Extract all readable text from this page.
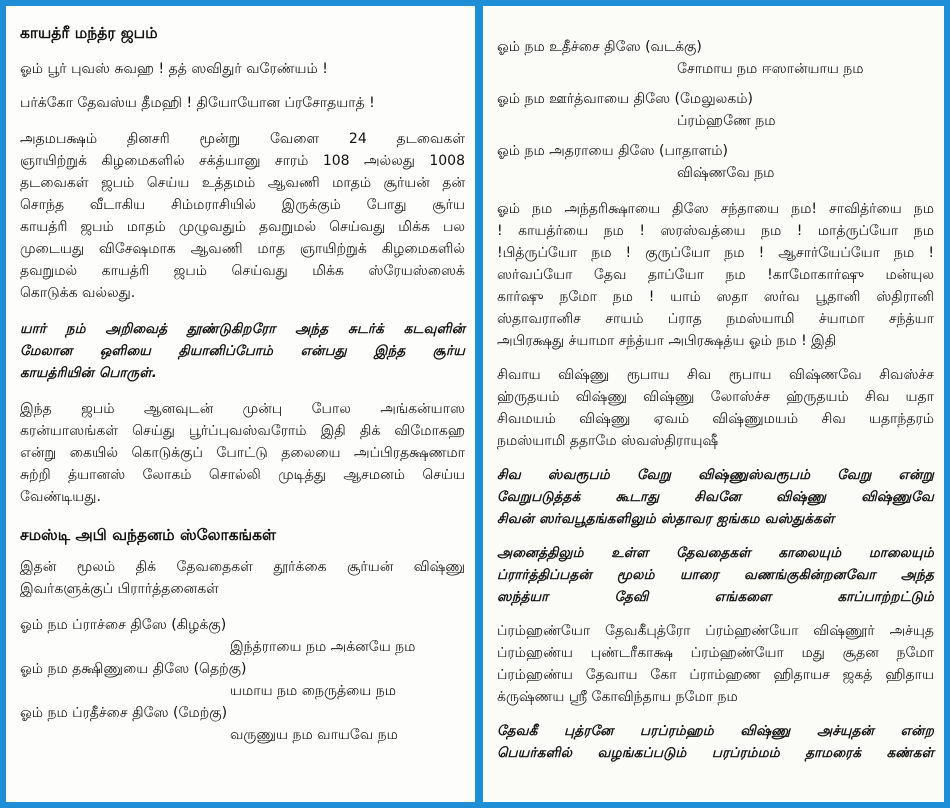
காயத்ரீ மந்த்ர ஜபம்

ஓம் பூர் புவஸ் சுவஹ ! தத் ஸவிதுர் வரேண்யம் !

பர்க்கோ தேவஸ்ய தீமஹி ! தியோயோன ப்ரசோதயாத் !

அதமபக்ஷம் தினசரி மூன்று வேளை 24 தடவைகள்

ஞாயிற்றுக் கிழமைகளில் சக்த்யானு சாரம் 108 அல்லது 1008

தடவைகள் ஜபம் செய்ய உத்தமம் ஆவணி மாதம் சூர்யன் தன்

சொந்த வீடாகிய சிம்மராசியில் இருக்கும் போது சூர்ய

காயத்ரி ஜபம் மாதம் முழுவதும் தவறுமல் செய்வது மிக்க பல

முடையது விசேஷமாக ஆவணி மாத ஞாயிற்றுக் கிழமைகளில்

தவறுமல் காயத்ரி ஜபம் செய்வது மிக்க ஸ்ரேயஸ்ஸைக்

கொடுக்க வல்லது.

யார் நம் அறிவைத் தூண்டுகிறரோ அந்த சுடர்க் கடவுளின்

மேலான ஒளியை தியானிப்போம் என்பது இந்த சூர்ய

காயத்ரியின் பொருள்.

இந்த ஜபம் ஆனவுடன் முன்பு போல அங்கன்யாஸ

கரன்யாஸங்கள் செய்து பூர்ப்புவஸ்வரோம் இதி திக் விமோகஹ

என்று கையில் கொடுக்குப் போட்டு தலையை அப்பிரதக்ஷணமா

சுற்றி த்யானஸ் லோகம் சொல்லி முடித்து ஆசமனம் செய்ய

வேண்டியது.

சமஸ்டி அபி வந்தனம் ஸ்லோகங்கள்

இதன் மூலம் திக் தேவதைகள் தூர்க்கை சூர்யன் விஷ்ணு

இவர்களுக்குப் பிரார்த்தனைகள்

ஓம் நம ப்ராச்சை திஸே (கிழக்கு)

இந்த்ராயை நம அக்னயே நம

ஓம் நம தக்ஷிணுயை திஸே (தெற்கு)

யமாய நம நைருத்யை நம

ஓம் நம ப்ரதீச்சை திஸே (மேற்கு)

வருணுய நம வாயவே நம

ஓம் நம உதீச்சை திஸே (வடக்கு)

சோமாய நம ஈஸான்யாய நம

ஓம் நம ஊர்த்வாயை திஸே (மேலுலகம்)

ப்ரம்ஹணே நம

ஓம் நம அதராயை திஸே (பாதாளம்)

விஷ்ணவே நம

ஓம் நம அந்தரிக்ஷாயை திஸே சந்தாயை நம! சாவித்ர்யை நம

! காயத்ர்யை நம ! ஸரஸ்வத்யை நம ! மாத்ருப்யோ நம

!பித்ருப்யோ நம ! குருப்யோ நம ! ஆசார்யேப்யோ நம !

ஸர்வப்யோ தேவ தாப்யோ நம !காமோகார்ஷு மன்யுல

கார்ஷு நமோ நம ! யாம் ஸதா ஸர்வ பூதானி ஸ்திரானி

ஸ்தாவரானிச சாயம் ப்ராத நமஸ்யாமி ச்யாமா சந்த்யா

அபிரக்ஷது ச்யாமா சந்த்யா அபிரக்ஷத்ய ஓம் நம ! இதி

சிவாய விஷ்ணு ரூபாய சிவ ரூபாய விஷ்ணவே சிவஸ்ச்ச

ஹ்ருதயம் விஷ்ணு விஷ்ணு லோஸ்ச்ச ஹ்ருதயம் சிவ யதா

சிவமயம் விஷ்ணு ஏவம் விஷ்ணுமயம் சிவ யதாந்தரம்

நமஸ்யாமி ததாமே ஸ்வஸ்திராயுஷீ

சிவ ஸ்வரூபம் வேறு விஷ்ணுஸ்வரூபம் வேறு என்று

வேறுபடுத்தக் கூடாது சிவனே விஷ்ணு விஷ்ணுவே

சிவன் ஸர்வபூதங்களிலும் ஸ்தாவர ஐங்கம வஸ்துக்கள்

அனைத்திலும் உள்ள தேவதைகள் காலையும் மாலையும்

ப்ரார்த்திப்பதன் மூலம் யாரை வணங்குகின்றனவோ அந்த

ஸந்த்யா தேவி எங்களை காப்பாற்றட்டும்

ப்ரம்ஹண்யோ தேவகீபுத்ரோ ப்ரம்ஹண்யோ விஷ்ணூர் அச்யுத

ப்ரம்ஹண்ய புண்டரீகாக்ஷ ப்ரம்ஹண்யோ மது சூதன நமோ

ப்ரம்ஹண்ய தேவாய கோ ப்ராம்ஹண ஹிதாயச ஜகத் ஹிதாய

க்ருஷ்ணய ஸ்ரீ கோவிந்தாய நமோ நம

தேவகீ புத்ரனே பரப்ரம்ஹம் விஷ்ணு அச்யுதன் என்ற

பெயர்களில் வழங்கப்படும் பரப்ரம்மம் தாமரைக் கண்கள்
